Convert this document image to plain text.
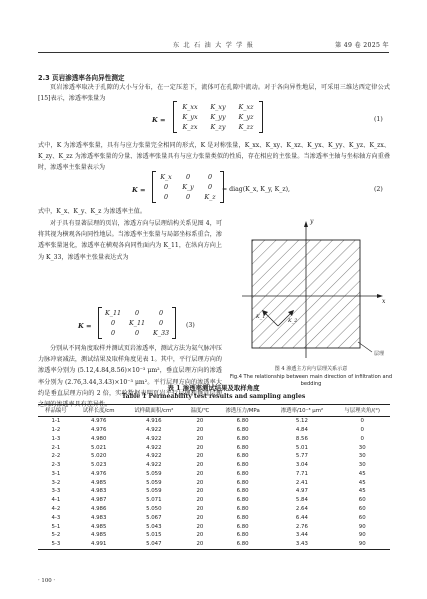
东 北 石 油 大 学 学 报	第 49 卷 2025 年
2.3 页岩渗透率各向异性测定
页岩渗透率取决于孔隙的大小与分布，在一定压差下，流体可在孔隙中流动。对于各向异性地层，可采用三维达西定律公式[15]表示，渗透率张量为
K =
K_xx	K_xy	K_xz
K_yx	K_yy	K_yz
K_zx	K_zy	K_zz
(1)
式中，K 为渗透率张量，具有与应力张量完全相同的形式，K 是对称张量，K_xx、K_xy、K_xz、K_yx、K_yy、K_yz、K_zx、K_zy、K_zz 为渗透率张量的分量、渗透率张量具有与应力张量类似的性质，存在相应的主张量。当渗透率主轴与坐标轴方向重叠时，渗透率主张量表示为
K =
K_x	0	0
0	K_y	0
0	0	K_z
= diag(K_x, K_y, K_z),	(2)
式中，K_x、K_y、K_z 为渗透率主值。
对于具有显著层理的页岩，渗透方向与层理结构关系见图 4，可将其视为横观各向同性地层。当渗透率主张量与局部坐标系重合，渗透率张量退化，渗透率在横观各向同性面内为 K_11，在纵向方向上为 K_33，渗透率主张量表达式为
K =
K_11	0	0
0	K_11	0
0	0	K_33
(3)
分别从不同角度取样并测试页岩渗透率，测试方法为氦气脉冲压力脉冲衰减法，测试结果及取样角度见表 1。其中，平行层理方向的渗透率分别为 (5.12,4.84,8.56)×10⁻³ μm²，垂直层理方向的渗透率分别为 (2.76,3.44,3.43)×10⁻³ μm²。平行层理方向的渗透率大约是垂直层理方向的 2 倍，实验数据表明页岩平行层理和垂直层理之间的渗透率具有差异性。
y
x
K_1
K_2
层理
图 4 渗透主方向与层理关系示意
Fig.4 The relationship between main direction of infiltration and bedding
表 1 渗透率测试结果及取样角度
Table 1 Permeability test results and sampling angles
样品编号	试样长度/cm	试样截面积/cm²	温度/℃	渗透压力/MPa	渗透率/10⁻³ μm²	与层理夹角/(°)
1-1	4.976	4.916	20	6.80	5.12	0
1-2	4.976	4.922	20	6.80	4.84	0
1-3	4.980	4.922	20	6.80	8.56	0
2-1	5.021	4.922	20	6.80	5.01	30
2-2	5.020	4.922	20	6.80	5.77	30
2-3	5.023	4.922	20	6.80	3.04	30
3-1	4.976	5.059	20	6.80	7.71	45
3-2	4.985	5.059	20	6.80	2.41	45
3-3	4.983	5.059	20	6.80	4.97	45
4-1	4.987	5.071	20	6.80	5.84	60
4-2	4.986	5.050	20	6.80	2.64	60
4-3	4.983	5.067	20	6.80	6.44	60
5-1	4.985	5.043	20	6.80	2.76	90
5-2	4.985	5.015	20	6.80	3.44	90
5-3	4.991	5.047	20	6.80	3.43	90
· 100 ·
